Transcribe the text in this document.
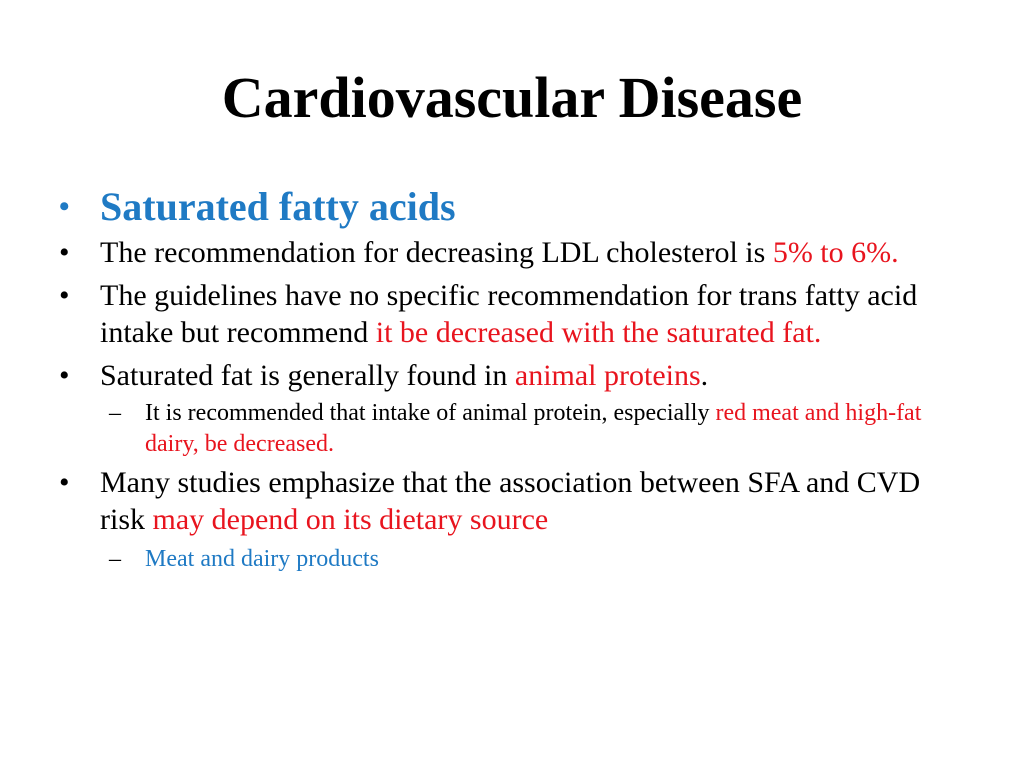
Cardiovascular Disease

• Saturated fatty acids

• The recommendation for decreasing LDL cholesterol is 5% to 6%.

• The guidelines have no specific recommendation for trans fatty acid intake but recommend it be decreased with the saturated fat.

• Saturated fat is generally found in animal proteins.

– It is recommended that intake of animal protein, especially red meat and high-fat dairy, be decreased.

• Many studies emphasize that the association between SFA and CVD risk may depend on its dietary source

– Meat and dairy products
